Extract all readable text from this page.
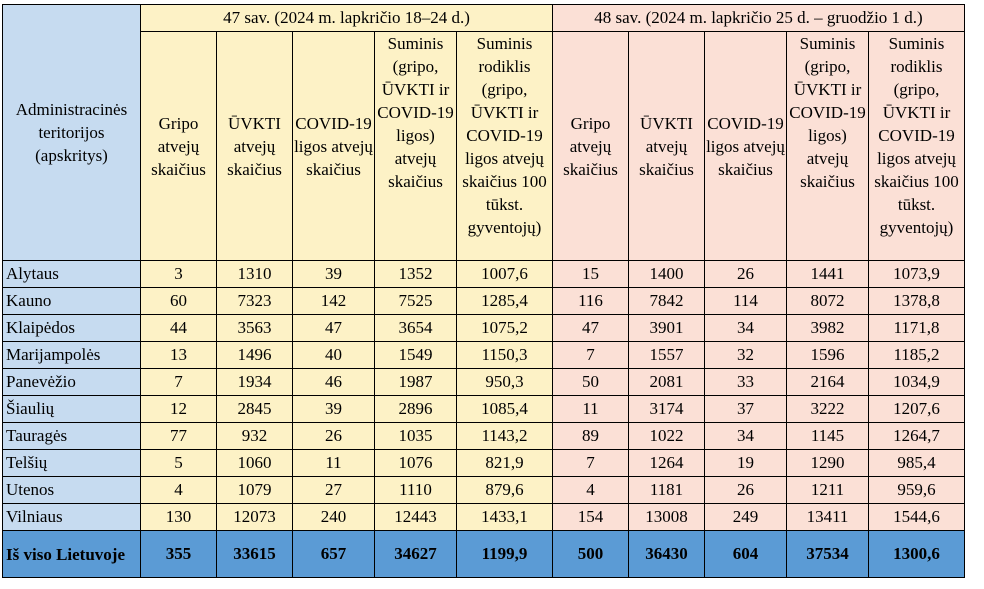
Administracinės teritorijos (apskritys)	47 sav. (2024 m. lapkričio 18–24 d.)					48 sav. (2024 m. lapkričio 25 d. – gruodžio 1 d.)				
	Gripo atvejų skaičius	ŪVKTI atvejų skaičius	COVID-19 ligos atvejų skaičius	Suminis (gripo, ŪVKTI ir COVID-19 ligos) atvejų skaičius	Suminis rodiklis (gripo, ŪVKTI ir COVID-19 ligos atvejų skaičius 100 tūkst. gyventojų)	Gripo atvejų skaičius	ŪVKTI atvejų skaičius	COVID-19 ligos atvejų skaičius	Suminis (gripo, ŪVKTI ir COVID-19 ligos) atvejų skaičius	Suminis rodiklis (gripo, ŪVKTI ir COVID-19 ligos atvejų skaičius 100 tūkst. gyventojų)
Alytaus	3	1310	39	1352	1007,6	15	1400	26	1441	1073,9
Kauno	60	7323	142	7525	1285,4	116	7842	114	8072	1378,8
Klaipėdos	44	3563	47	3654	1075,2	47	3901	34	3982	1171,8
Marijampolės	13	1496	40	1549	1150,3	7	1557	32	1596	1185,2
Panevėžio	7	1934	46	1987	950,3	50	2081	33	2164	1034,9
Šiaulių	12	2845	39	2896	1085,4	11	3174	37	3222	1207,6
Tauragės	77	932	26	1035	1143,2	89	1022	34	1145	1264,7
Telšių	5	1060	11	1076	821,9	7	1264	19	1290	985,4
Utenos	4	1079	27	1110	879,6	4	1181	26	1211	959,6
Vilniaus	130	12073	240	12443	1433,1	154	13008	249	13411	1544,6
Iš viso Lietuvoje	355	33615	657	34627	1199,9	500	36430	604	37534	1300,6
